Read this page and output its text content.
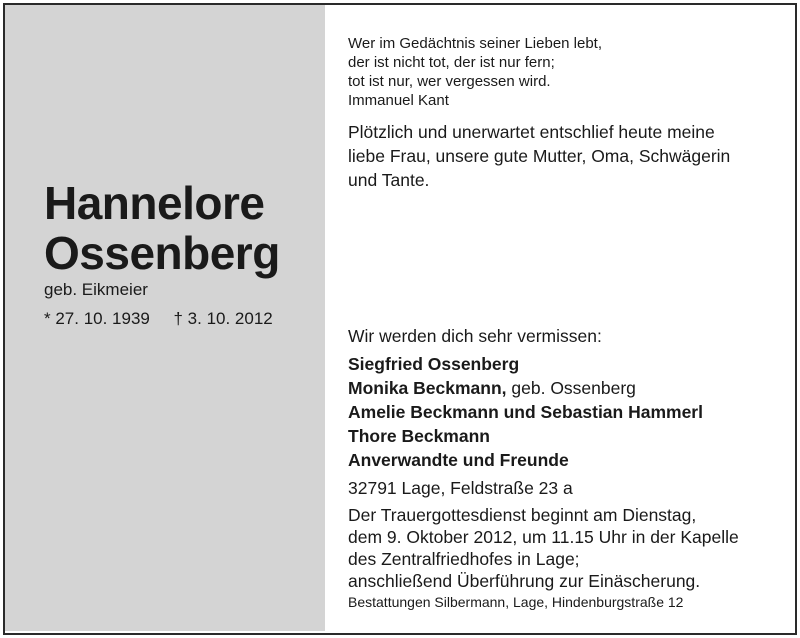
Hannelore
Ossenberg
geb. Eikmeier
* 27. 10. 1939 † 3. 10. 2012
Wer im Gedächtnis seiner Lieben lebt,
der ist nicht tot, der ist nur fern;
tot ist nur, wer vergessen wird.
Immanuel Kant
Plötzlich und unerwartet entschlief heute meine
liebe Frau, unsere gute Mutter, Oma, Schwägerin
und Tante.
Wir werden dich sehr vermissen:
Siegfried Ossenberg
Monika Beckmann, geb. Ossenberg
Amelie Beckmann und Sebastian Hammerl
Thore Beckmann
Anverwandte und Freunde
32791 Lage, Feldstraße 23 a
Der Trauergottesdienst beginnt am Dienstag,
dem 9. Oktober 2012, um 11.15 Uhr in der Kapelle
des Zentralfriedhofes in Lage;
anschließend Überführung zur Einäscherung.
Bestattungen Silbermann, Lage, Hindenburgstraße 12
